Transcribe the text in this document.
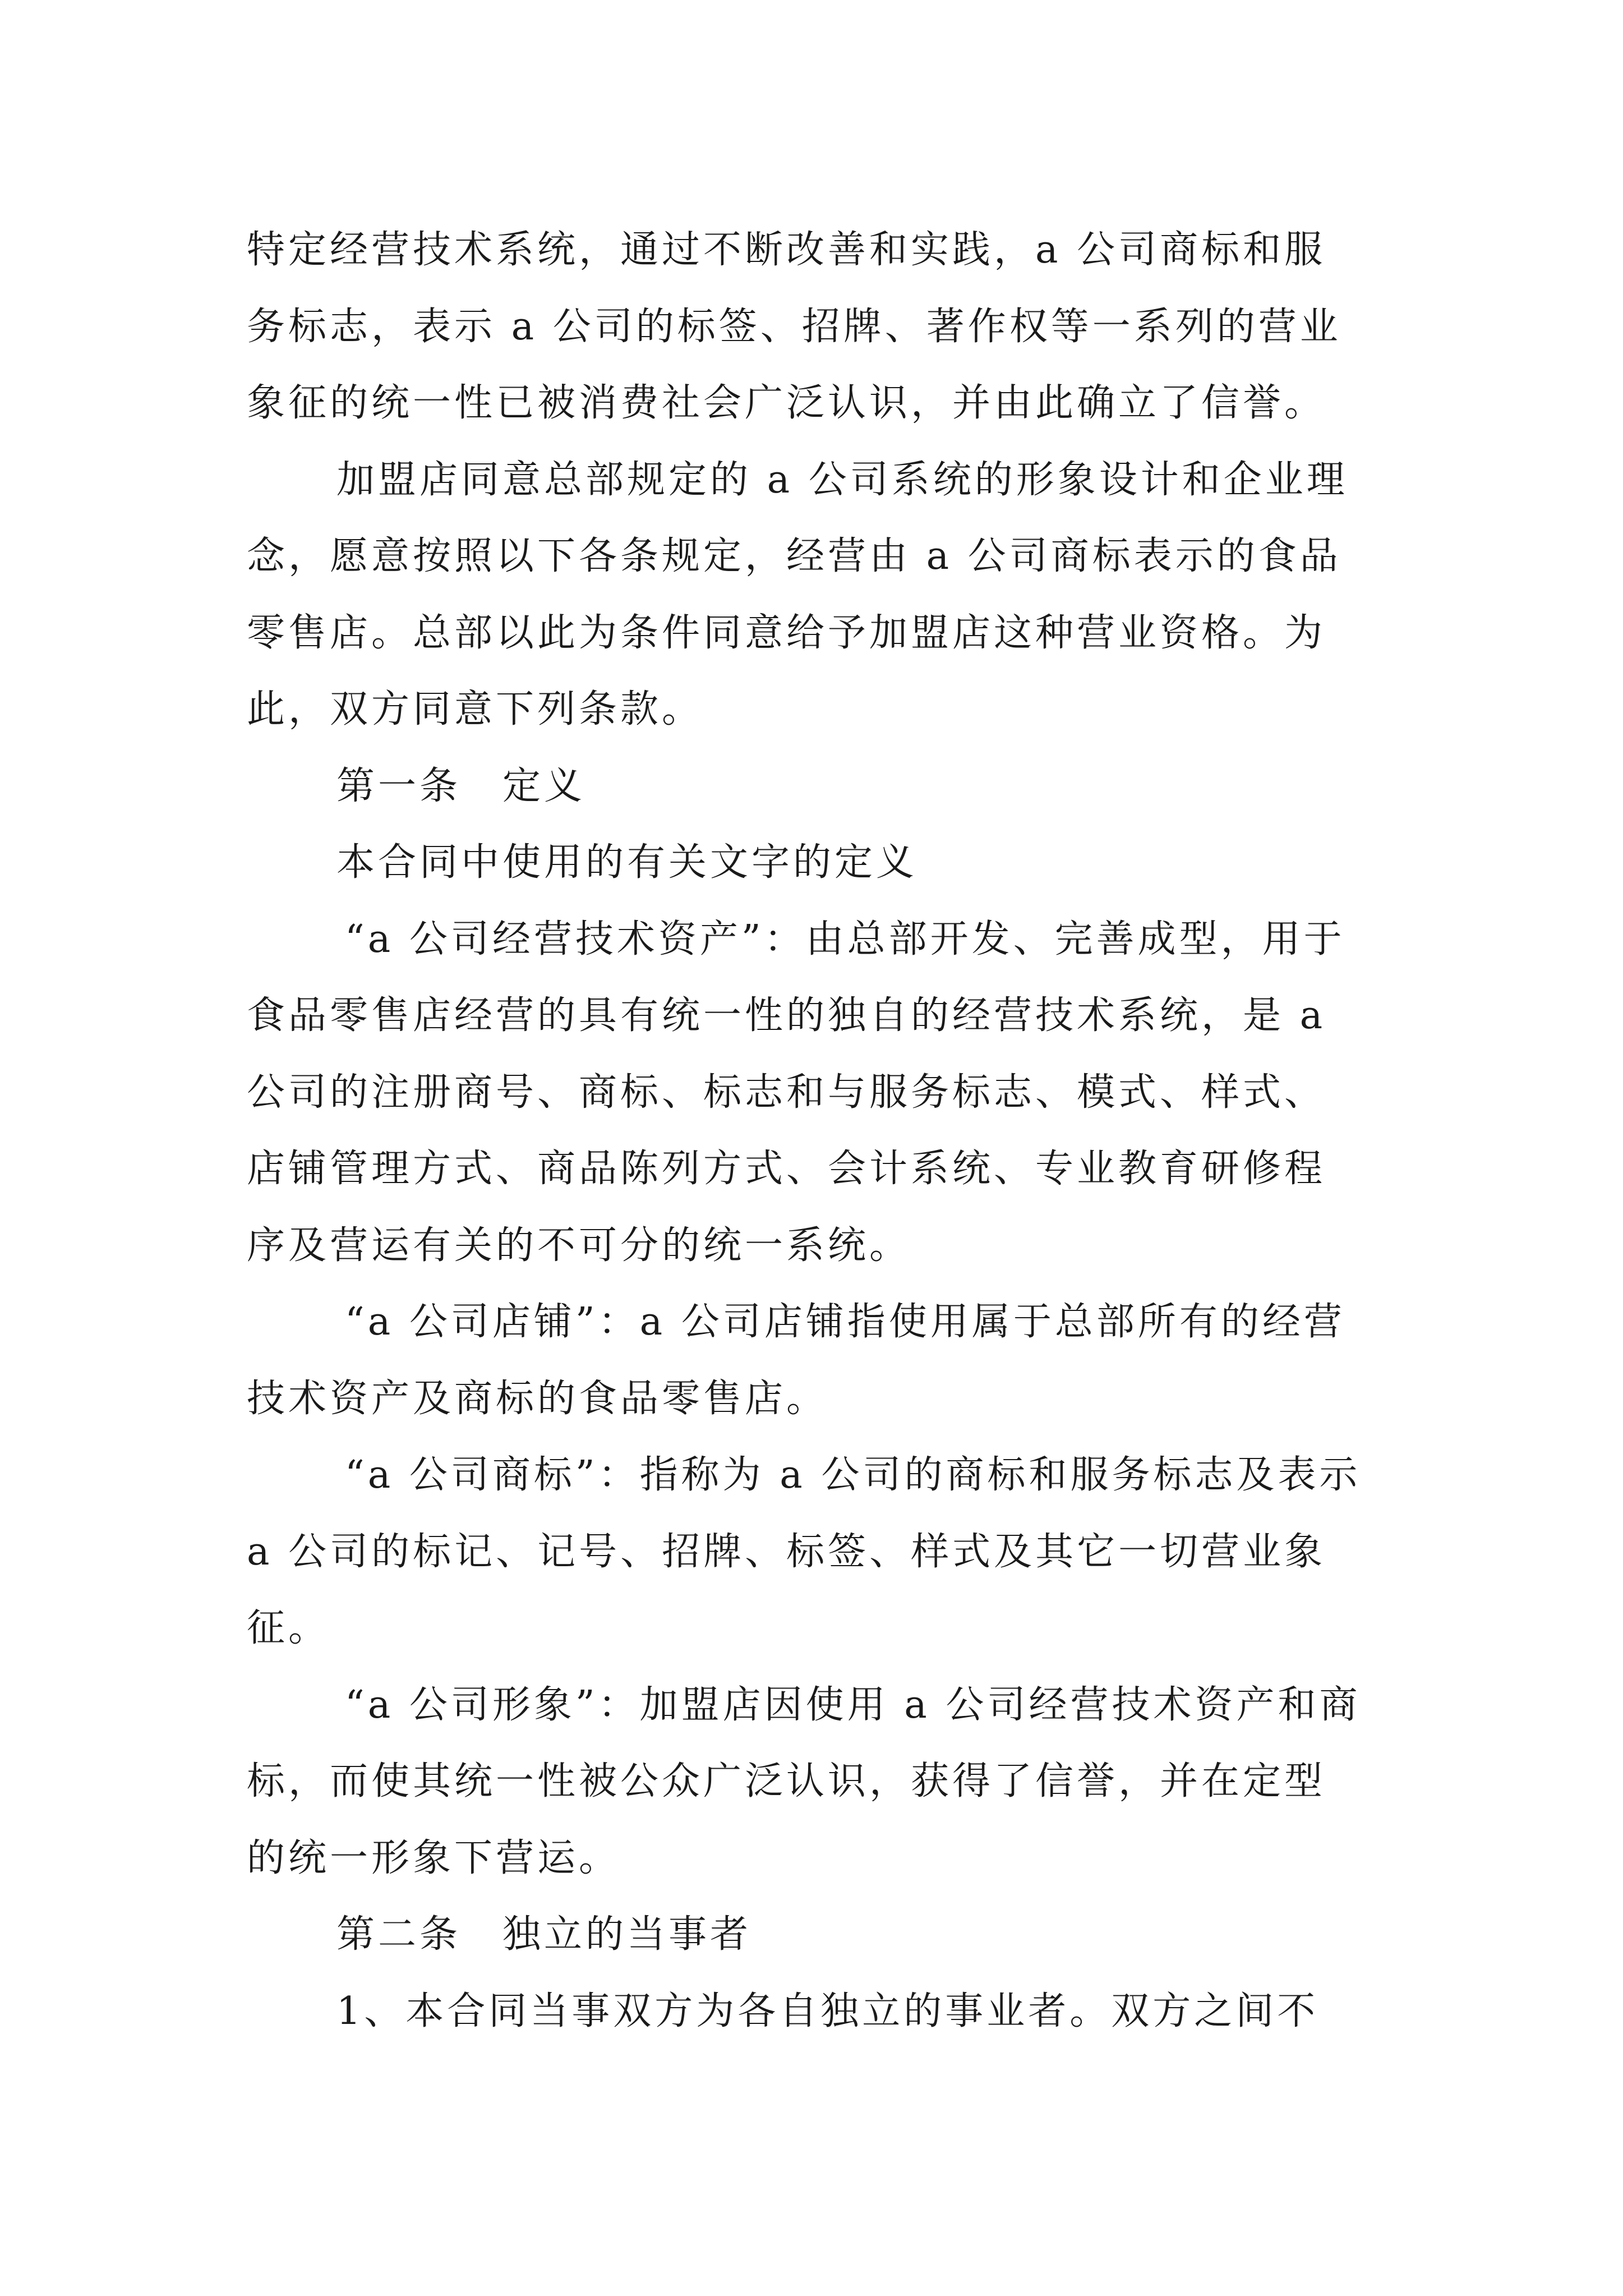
特定经营技术系统，通过不断改善和实践，a 公司商标和服
务标志，表示 a 公司的标签、招牌、著作权等一系列的营业
象征的统一性已被消费社会广泛认识，并由此确立了信誉。
加盟店同意总部规定的 a 公司系统的形象设计和企业理
念，愿意按照以下各条规定，经营由 a 公司商标表示的食品
零售店。总部以此为条件同意给予加盟店这种营业资格。为
此，双方同意下列条款。
第一条　定义
本合同中使用的有关文字的定义
“a 公司经营技术资产”：由总部开发、完善成型，用于
食品零售店经营的具有统一性的独自的经营技术系统，是 a
公司的注册商号、商标、标志和与服务标志、模式、样式、
店铺管理方式、商品陈列方式、会计系统、专业教育研修程
序及营运有关的不可分的统一系统。
“a 公司店铺”：a 公司店铺指使用属于总部所有的经营
技术资产及商标的食品零售店。
“a 公司商标”：指称为 a 公司的商标和服务标志及表示
a 公司的标记、记号、招牌、标签、样式及其它一切营业象
征。
“a 公司形象”：加盟店因使用 a 公司经营技术资产和商
标，而使其统一性被公众广泛认识，获得了信誉，并在定型
的统一形象下营运。
第二条　独立的当事者
1、本合同当事双方为各自独立的事业者。双方之间不
